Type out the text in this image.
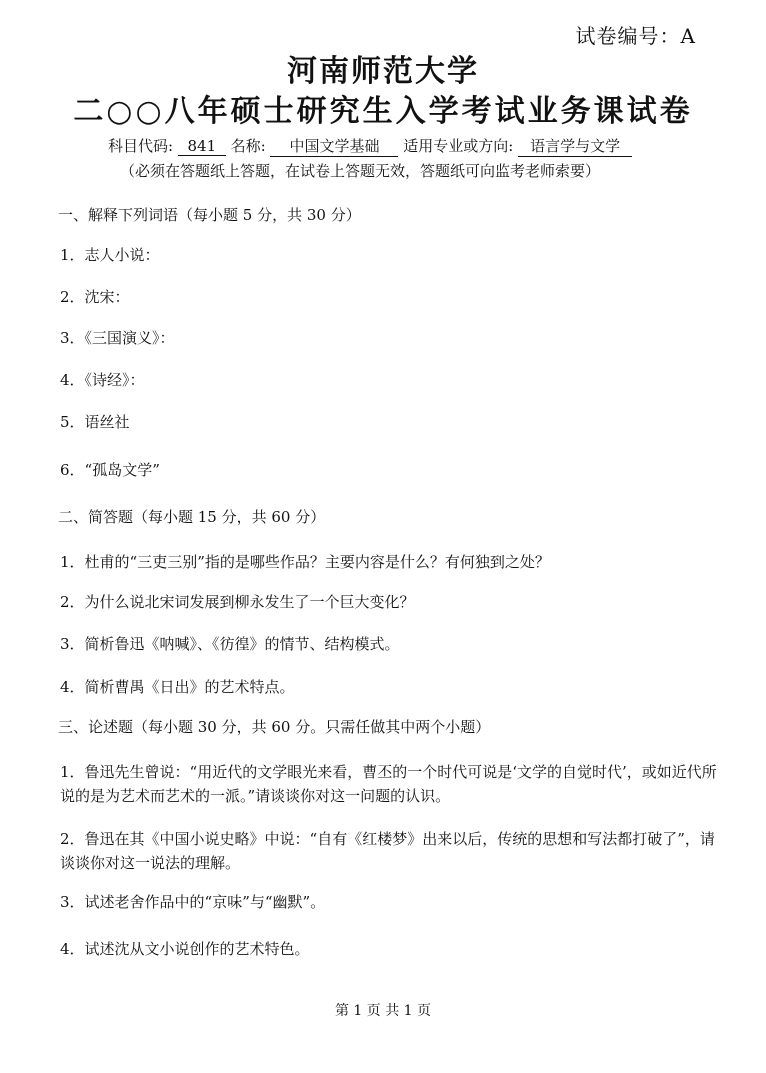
试卷编号：A
河南师范大学
二○○八年硕士研究生入学考试业务课试卷
科目代码: 841 名称: 中国文学基础 适用专业或方向: 语言学与文学
（必须在答题纸上答题，在试卷上答题无效，答题纸可向监考老师索要）
一、解释下列词语（每小题 5 分，共 30 分）
1．志人小说：
2．沈宋：
3．《三国演义》：
4．《诗经》：
5．语丝社
6．“孤岛文学”
二、简答题（每小题 15 分，共 60 分）
1．杜甫的“三吏三别”指的是哪些作品？主要内容是什么？有何独到之处？
2．为什么说北宋词发展到柳永发生了一个巨大变化？
3．简析鲁迅《呐喊》、《彷徨》的情节、结构模式。
4．简析曹禺《日出》的艺术特点。
三、论述题（每小题 30 分，共 60 分。只需任做其中两个小题）
1．鲁迅先生曾说：“用近代的文学眼光来看，曹丕的一个时代可说是‘文学的自觉时代’，或如近代所说的是为艺术而艺术的一派。”请谈谈你对这一问题的认识。
2．鲁迅在其《中国小说史略》中说：“自有《红楼梦》出来以后，传统的思想和写法都打破了”，请谈谈你对这一说法的理解。
3．试述老舍作品中的“京味”与“幽默”。
4．试述沈从文小说创作的艺术特色。
第 1 页 共 1 页
